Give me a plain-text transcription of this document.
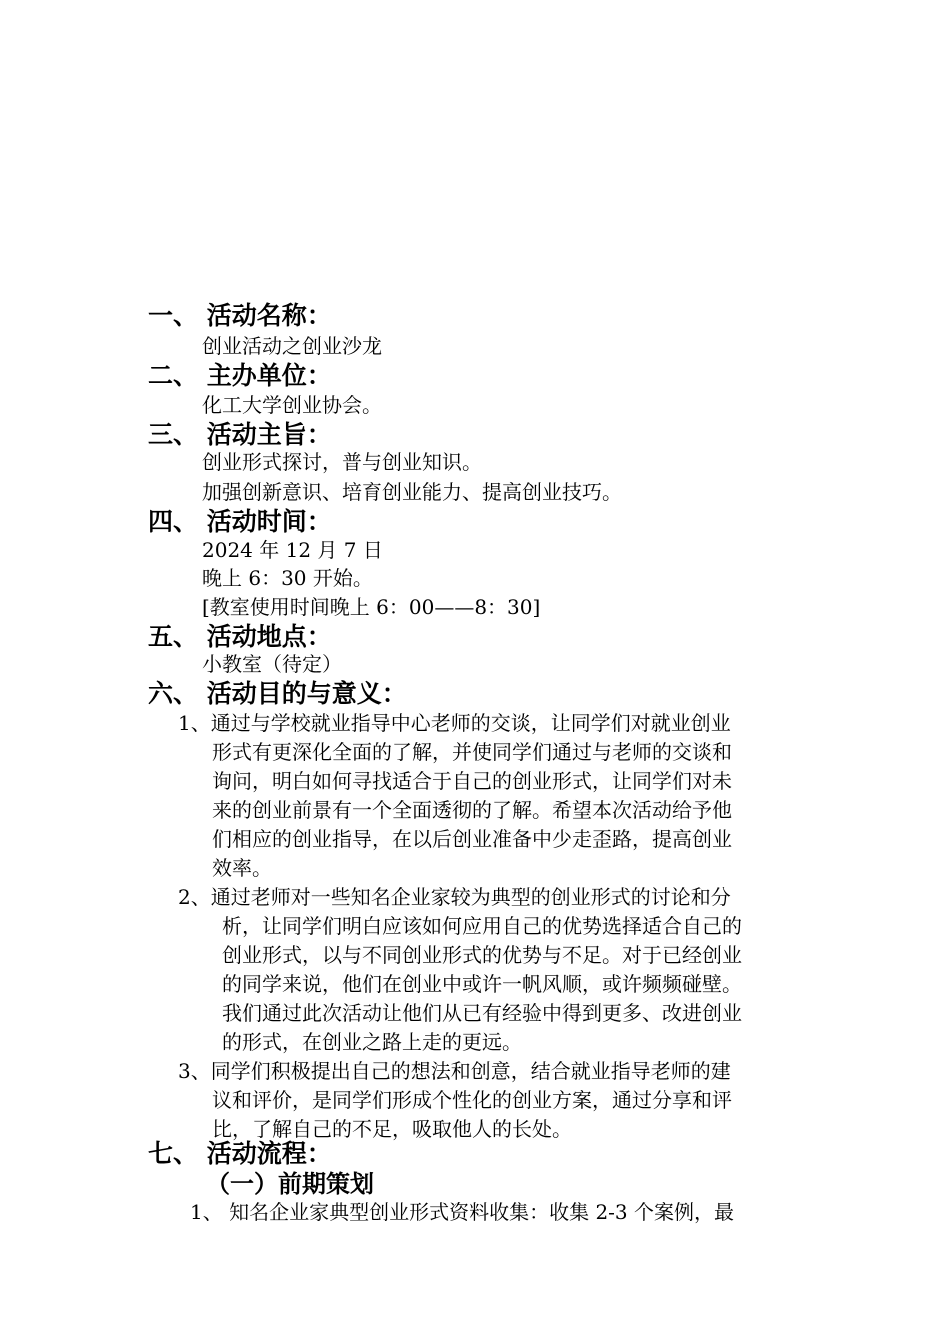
一、 活动名称：
创业活动之创业沙龙
二、 主办单位：
化工大学创业协会。
三、 活动主旨：
创业形式探讨，普与创业知识。
加强创新意识、培育创业能力、提高创业技巧。
四、 活动时间：
2024 年 12 月 7 日
晚上 6：30 开始。
[教室使用时间晚上 6：00——8：30]
五、 活动地点：
小教室（待定）
六、 活动目的与意义：
1、通过与学校就业指导中心老师的交谈，让同学们对就业创业
形式有更深化全面的了解，并使同学们通过与老师的交谈和
询问，明白如何寻找适合于自己的创业形式，让同学们对未
来的创业前景有一个全面透彻的了解。希望本次活动给予他
们相应的创业指导，在以后创业准备中少走歪路，提高创业
效率。
2、通过老师对一些知名企业家较为典型的创业形式的讨论和分
析，让同学们明白应该如何应用自己的优势选择适合自己的
创业形式，以与不同创业形式的优势与不足。对于已经创业
的同学来说，他们在创业中或许一帆风顺，或许频频碰壁。
我们通过此次活动让他们从已有经验中得到更多、改进创业
的形式，在创业之路上走的更远。
3、同学们积极提出自己的想法和创意，结合就业指导老师的建
议和评价，是同学们形成个性化的创业方案，通过分享和评
比，了解自己的不足，吸取他人的长处。
七、 活动流程：
（一）前期策划
1、 知名企业家典型创业形式资料收集：收集 2-3 个案例，最
